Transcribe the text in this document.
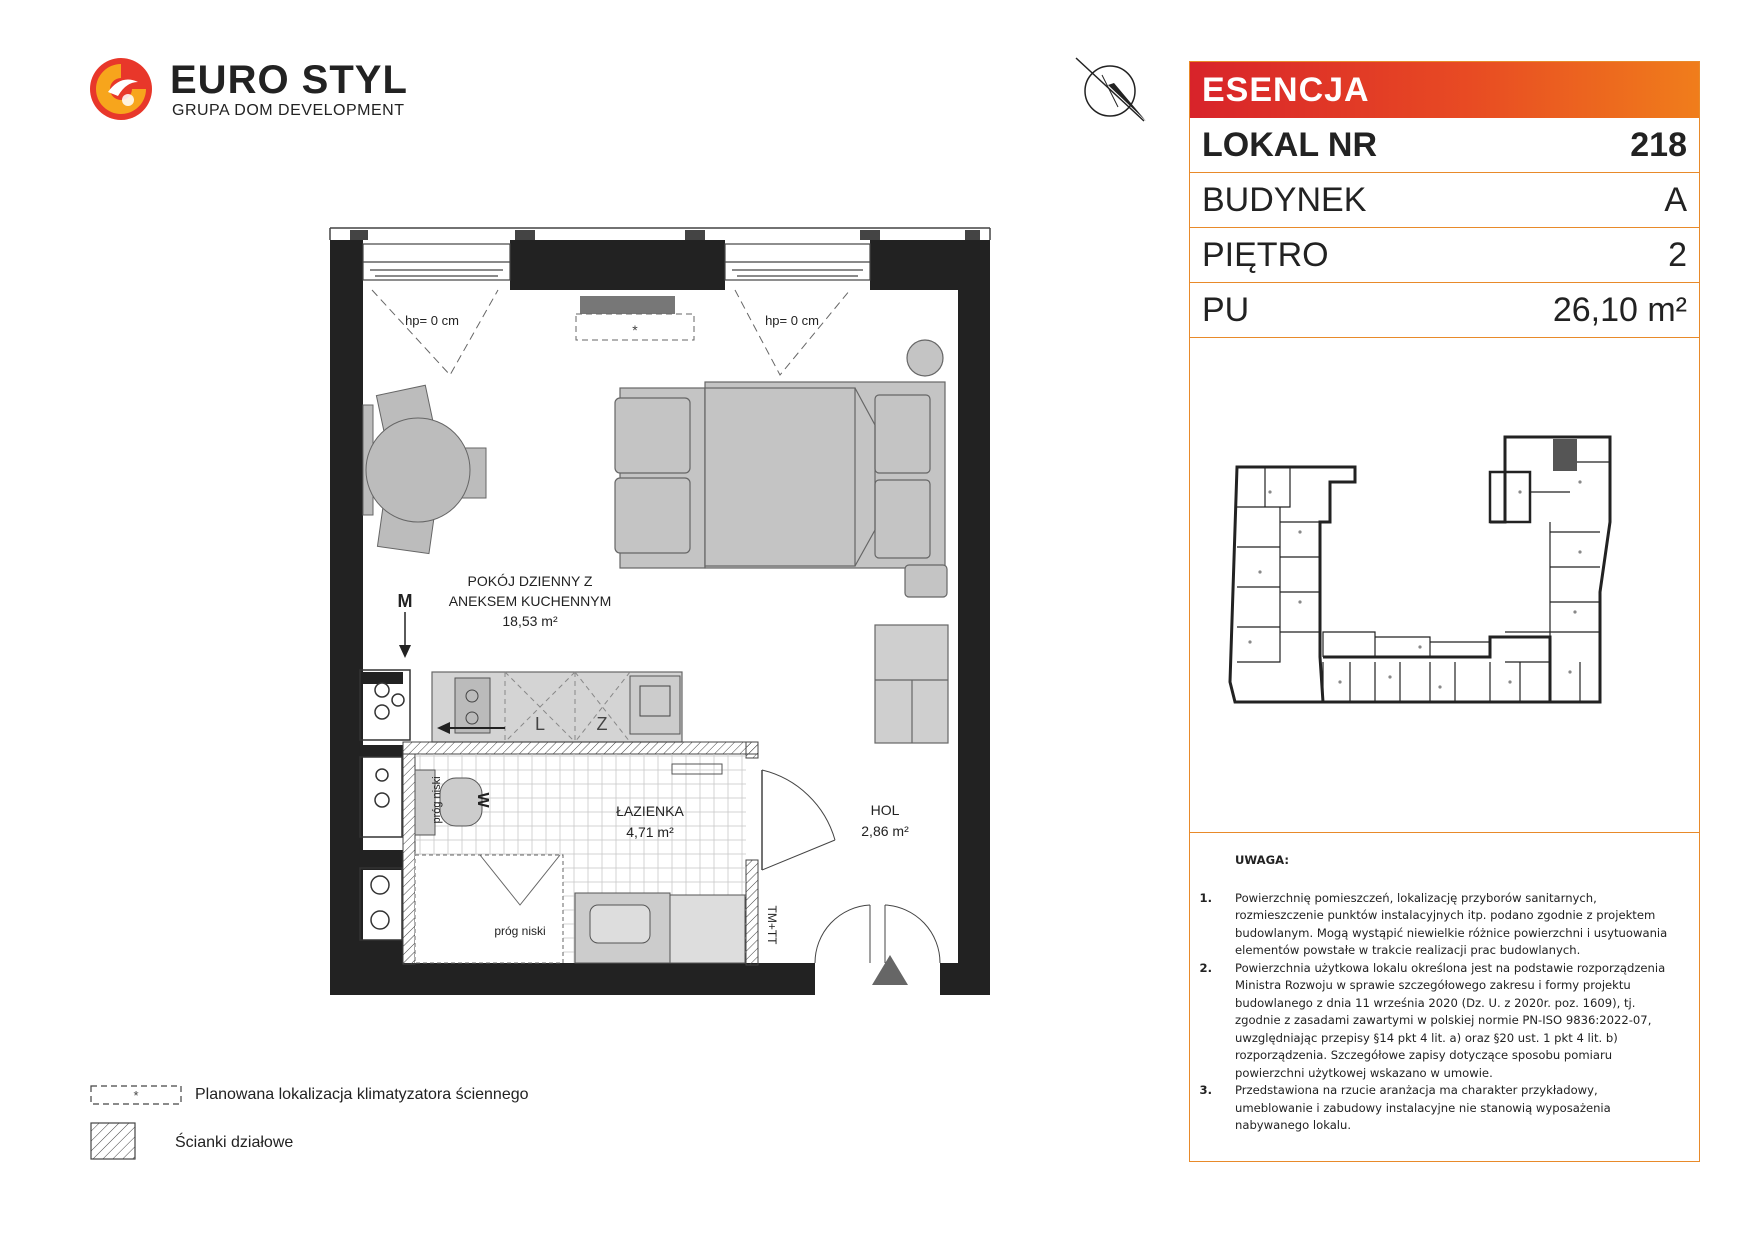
EURO STYL
GRUPA DOM DEVELOPMENT
ESENCJA
LOKAL NR	218
BUDYNEK	A
PIĘTRO	2
PU	26,10 m²
UWAGA:
1.	Powierzchnię pomieszczeń, lokalizację przyborów sanitarnych, rozmieszczenie punktów instalacyjnych itp. podano zgodnie z projektem budowlanym. Mogą wystąpić niewielkie różnice powierzchni i usytuowania elementów powstałe w trakcie realizacji prac budowlanych.
2.	Powierzchnia użytkowa lokalu określona jest na podstawie rozporządzenia Ministra Rozwoju w sprawie szczegółowego zakresu i formy projektu budowlanego z dnia 11 września 2020 (Dz. U. z 2020r. poz. 1609), tj. zgodnie z zasadami zawartymi w polskiej normie PN-ISO 9836:2022-07, uwzględniając przepisy §14 pkt 4 lit. a) oraz §20 ust. 1 pkt 4 lit. b) rozporządzenia. Szczegółowe zapisy dotyczące sposobu pomiaru powierzchni użytkowej wskazano w umowie.
3.	Przedstawiona na rzucie aranżacja ma charakter przykładowy, umeblowanie i zabudowy instalacyjne nie stanowią wyposażenia nabywanego lokalu.
hp= 0 cm	hp= 0 cm
*
POKÓJ DZIENNY Z
ANEKSEM KUCHENNYM
18,53 m²
L	Z
M
ŁAZIENKA
4,71 m²
próg niski
próg niski W
TM+TT
HOL
2,86 m²
*	Planowana lokalizacja klimatyzatora ściennego
Ścianki działowe
